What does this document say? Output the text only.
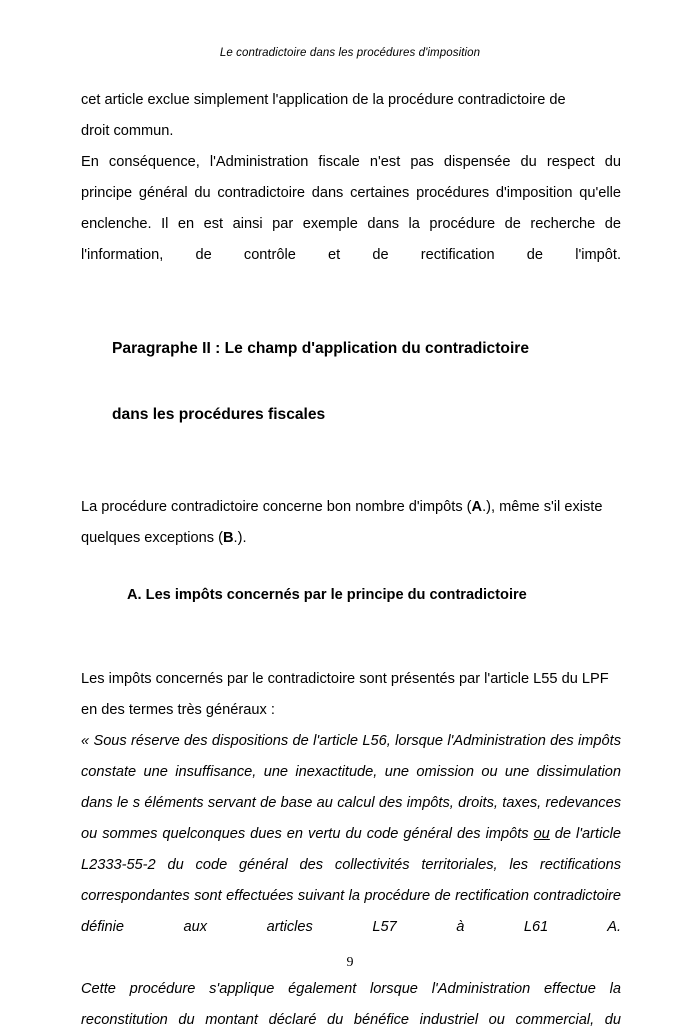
Le contradictoire dans les procédures d'imposition

cet article exclue simplement l'application de la procédure contradictoire de

droit commun.

En conséquence, l'Administration fiscale n'est pas dispensée du respect du principe général du contradictoire dans certaines procédures d'imposition qu'elle enclenche. Il en est ainsi par exemple dans la procédure de recherche de l'information, de contrôle et de rectification de l'impôt.

Paragraphe II : Le champ d'application du contradictoire

dans les procédures fiscales

La procédure contradictoire concerne bon nombre d'impôts (A.), même s'il existe quelques exceptions (B.).

A. Les impôts concernés par le principe du contradictoire

Les impôts concernés par le contradictoire sont présentés par l'article L55 du LPF en des termes très généraux :

« Sous réserve des dispositions de l'article L56, lorsque l'Administration des impôts constate une insuffisance, une inexactitude, une omission ou une dissimulation dans le s éléments servant de base au calcul des impôts, droits, taxes, redevances ou sommes quelconques dues en vertu du code général des impôts ou de l'article L2333-55-2 du code général des collectivités territoriales, les rectifications correspondantes sont effectuées suivant la procédure de rectification contradictoire définie aux articles L57 à L61 A.

Cette procédure s'applique également lorsque l'Administration effectue la reconstitution du montant déclaré du bénéfice industriel ou commercial, du

9
